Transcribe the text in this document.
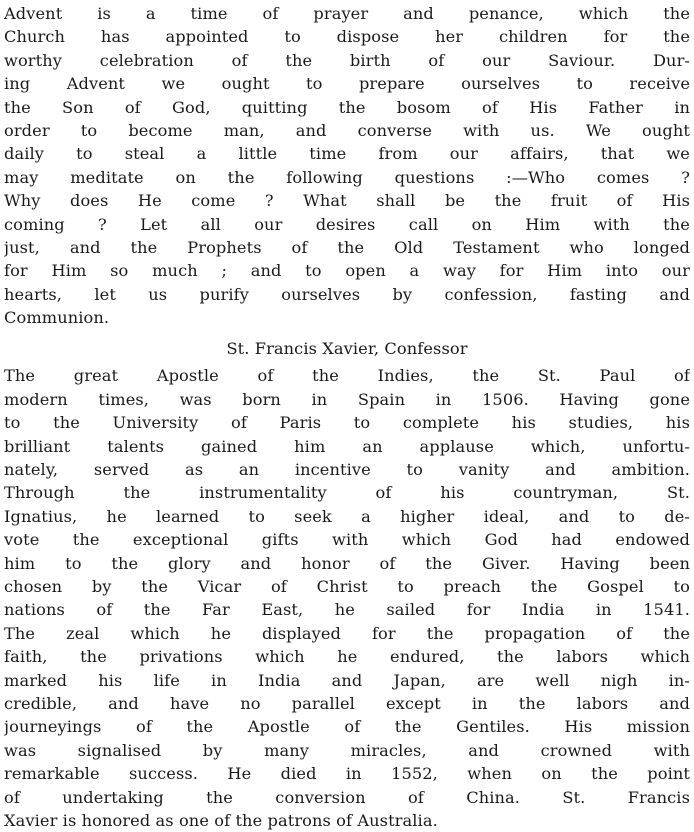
Advent is a time of prayer and penance, which the
Church has appointed to dispose her children for the
worthy celebration of the birth of our Saviour. Dur-
ing Advent we ought to prepare ourselves to receive
the Son of God, quitting the bosom of His Father in
order to become man, and converse with us. We ought
daily to steal a little time from our affairs, that we
may meditate on the following questions :—Who comes ?
Why does He come ? What shall be the fruit of His
coming ? Let all our desires call on Him with the
just, and the Prophets of the Old Testament who longed
for Him so much ; and to open a way for Him into our
hearts, let us purify ourselves by confession, fasting and
Communion.
St. Francis Xavier, Confessor
The great Apostle of the Indies, the St. Paul of
modern times, was born in Spain in 1506. Having gone
to the University of Paris to complete his studies, his
brilliant talents gained him an applause which, unfortu-
nately, served as an incentive to vanity and ambition.
Through the instrumentality of his countryman, St.
Ignatius, he learned to seek a higher ideal, and to de-
vote the exceptional gifts with which God had endowed
him to the glory and honor of the Giver. Having been
chosen by the Vicar of Christ to preach the Gospel to
nations of the Far East, he sailed for India in 1541.
The zeal which he displayed for the propagation of the
faith, the privations which he endured, the labors which
marked his life in India and Japan, are well nigh in-
credible, and have no parallel except in the labors and
journeyings of the Apostle of the Gentiles. His mission
was signalised by many miracles, and crowned with
remarkable success. He died in 1552, when on the point
of undertaking the conversion of China. St. Francis
Xavier is honored as one of the patrons of Australia.
